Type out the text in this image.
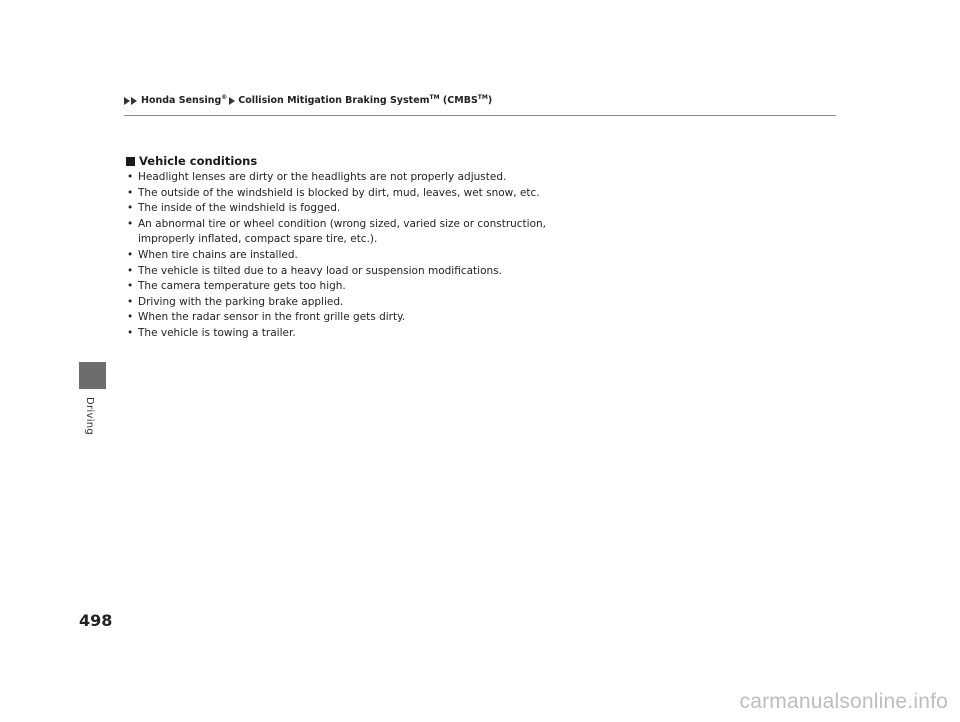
Honda Sensing® Collision Mitigation Braking System™ (CMBS™)
Driving
Vehicle conditions
• Headlight lenses are dirty or the headlights are not properly adjusted.
• The outside of the windshield is blocked by dirt, mud, leaves, wet snow, etc.
• The inside of the windshield is fogged.
• An abnormal tire or wheel condition (wrong sized, varied size or construction, improperly inflated, compact spare tire, etc.).
• When tire chains are installed.
• The vehicle is tilted due to a heavy load or suspension modifications.
• The camera temperature gets too high.
• Driving with the parking brake applied.
• When the radar sensor in the front grille gets dirty.
• The vehicle is towing a trailer.
498
carmanualsonline.info
